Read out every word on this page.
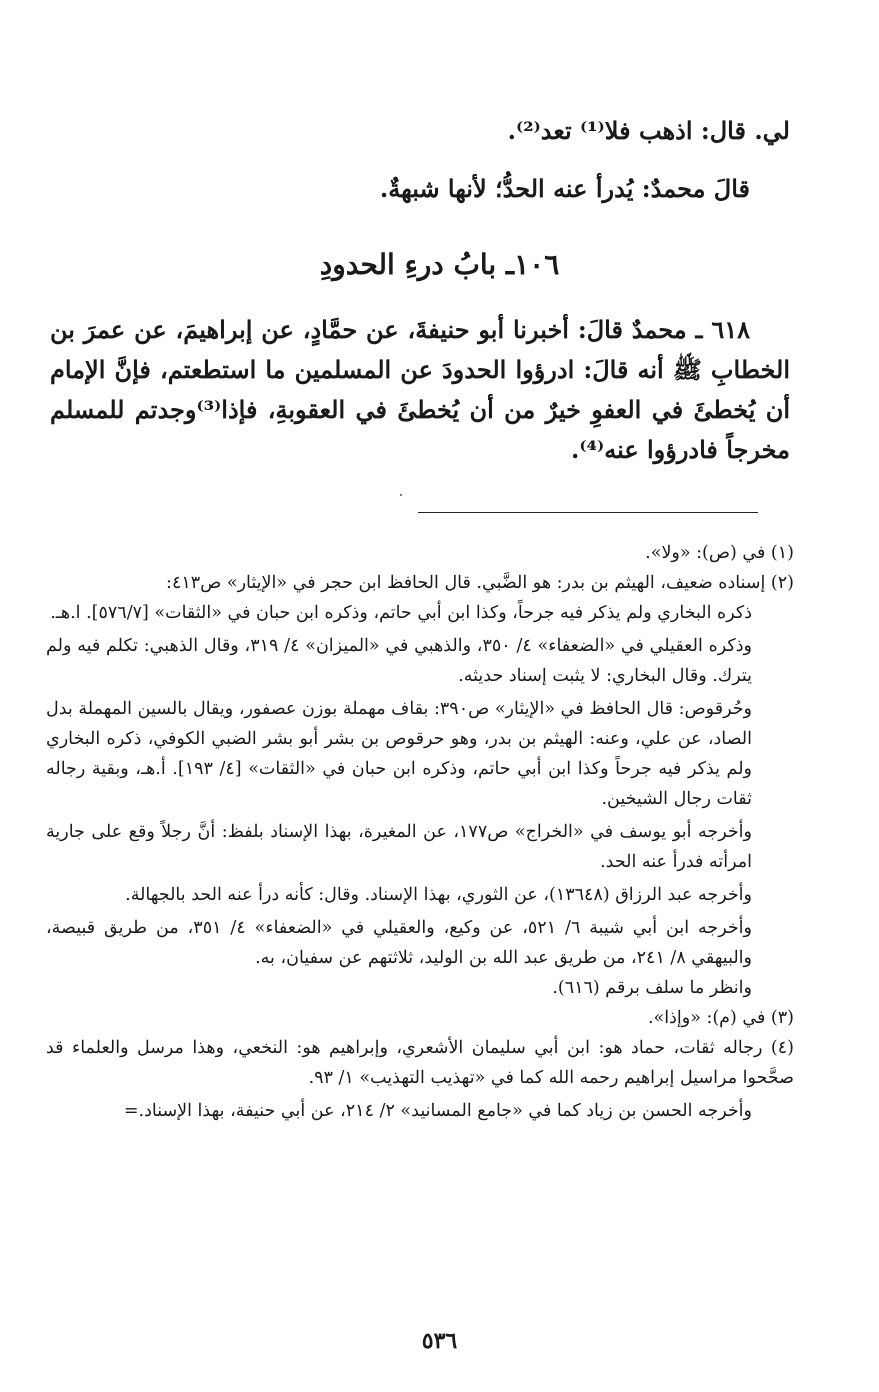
لي. قال: اذهب فلا⁽¹⁾ تعد⁽²⁾.
قالَ محمدٌ: يُدرأ عنه الحدُّ؛ لأنها شبهةٌ.
١٠٦ـ بابُ درءِ الحدودِ
٦١٨ ـ محمدٌ قالَ: أخبرنا أبو حنيفةَ، عن حمَّادٍ، عن إبراهيمَ، عن عمرَ بن الخطابِ ﷺ أنه قالَ: ادرؤوا الحدودَ عن المسلمين ما استطعتم، فإنَّ الإمام أن يُخطئَ في العفوِ خيرٌ من أن يُخطئَ في العقوبةِ، فإذا⁽³⁾وجدتم للمسلم مخرجاً فادرؤوا عنه⁽⁴⁾.

(١) في (ص): «ولا».

(٢) إسناده ضعيف، الهيثم بن بدر: هو الضَّبي. قال الحافظ ابن حجر في «الإيثار» ص٤١٣:

ذكره البخاري ولم يذكر فيه جرحاً، وكذا ابن أبي حاتم، وذكره ابن حبان في «الثقات» [٥٧٦/٧]. ا.هـ.

وذكره العقيلي في «الضعفاء» ٤/ ٣٥٠، والذهبي في «الميزان» ٤/ ٣١٩، وقال الذهبي: تكلم فيه ولم يترك. وقال البخاري: لا يثبت إسناد حديثه.

وحُرقوص: قال الحافظ في «الإيثار» ص٣٩٠: بقاف مهملة بوزن عصفور، ويقال بالسين المهملة بدل الصاد، عن علي، وعنه: الهيثم بن بدر، وهو حرقوص بن بشر أبو بشر الضبي الكوفي، ذكره البخاري ولم يذكر فيه جرحاً وكذا ابن أبي حاتم، وذكره ابن حبان في «الثقات» [٤/ ١٩٣]. أ.هـ، وبقية رجاله ثقات رجال الشيخين.

وأخرجه أبو يوسف في «الخراج» ص١٧٧، عن المغيرة، بهذا الإسناد بلفظ: أنَّ رجلاً وقع على جارية امرأته فدرأ عنه الحد.

وأخرجه عبد الرزاق (١٣٦٤٨)، عن الثوري، بهذا الإسناد. وقال: كأنه درأ عنه الحد بالجهالة.

وأخرجه ابن أبي شيبة ٦/ ٥٢١، عن وكيع، والعقيلي في «الضعفاء» ٤/ ٣٥١، من طريق قبيصة، والبيهقي ٨/ ٢٤١، من طريق عبد الله بن الوليد، ثلاثتهم عن سفيان، به.

وانظر ما سلف برقم (٦١٦).

(٣) في (م): «وإذا».

(٤) رجاله ثقات، حماد هو: ابن أبي سليمان الأشعري، وإبراهيم هو: النخعي، وهذا مرسل والعلماء قد صحَّحوا مراسيل إبراهيم رحمه الله كما في «تهذيب التهذيب» ١/ ٩٣.

وأخرجه الحسن بن زياد كما في «جامع المسانيد» ٢/ ٢١٤، عن أبي حنيفة، بهذا الإسناد.=

٥٣٦
